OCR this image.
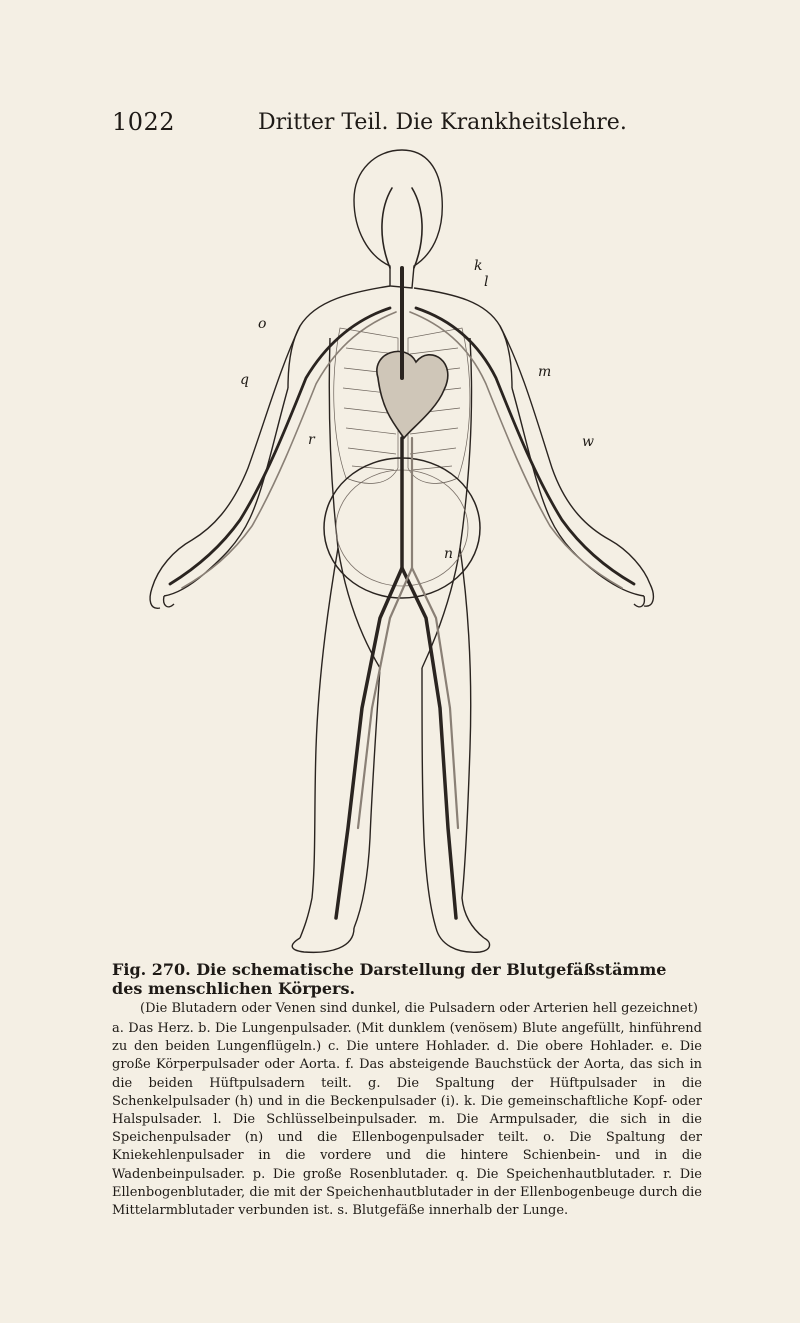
1022	Dritter Teil. Die Krankheitslehre.
k
l
o
m
q
r	w
n

Fig. 270. Die schematische Darstellung der Blutgefäßstämme des menschlichen Körpers.

(Die Blutadern oder Venen sind dunkel, die Pulsadern oder Arterien hell gezeichnet)

a. Das Herz. b. Die Lungenpulsader. (Mit dunklem (venösem) Blute angefüllt, hinführend zu den beiden Lungenflügeln.) c. Die untere Hohlader. d. Die obere Hohlader. e. Die große Körperpulsader oder Aorta. f. Das absteigende Bauchstück der Aorta, das sich in die beiden Hüftpulsadern teilt. g. Die Spaltung der Hüftpulsader in die Schenkelpulsader (h) und in die Beckenpulsader (i). k. Die gemeinschaftliche Kopf- oder Halspulsader. l. Die Schlüsselbeinpulsader. m. Die Armpulsader, die sich in die Speichenpulsader (n) und die Ellenbogenpulsader teilt. o. Die Spaltung der Kniekehlenpulsader in die vordere und die hintere Schienbein- und in die Wadenbeinpulsader. p. Die große Rosenblutader. q. Die Speichenhautblutader. r. Die Ellenbogenblutader, die mit der Speichenhautblutader in der Ellenbogenbeuge durch die Mittelarmblutader verbunden ist. s. Blutgefäße innerhalb der Lunge.
